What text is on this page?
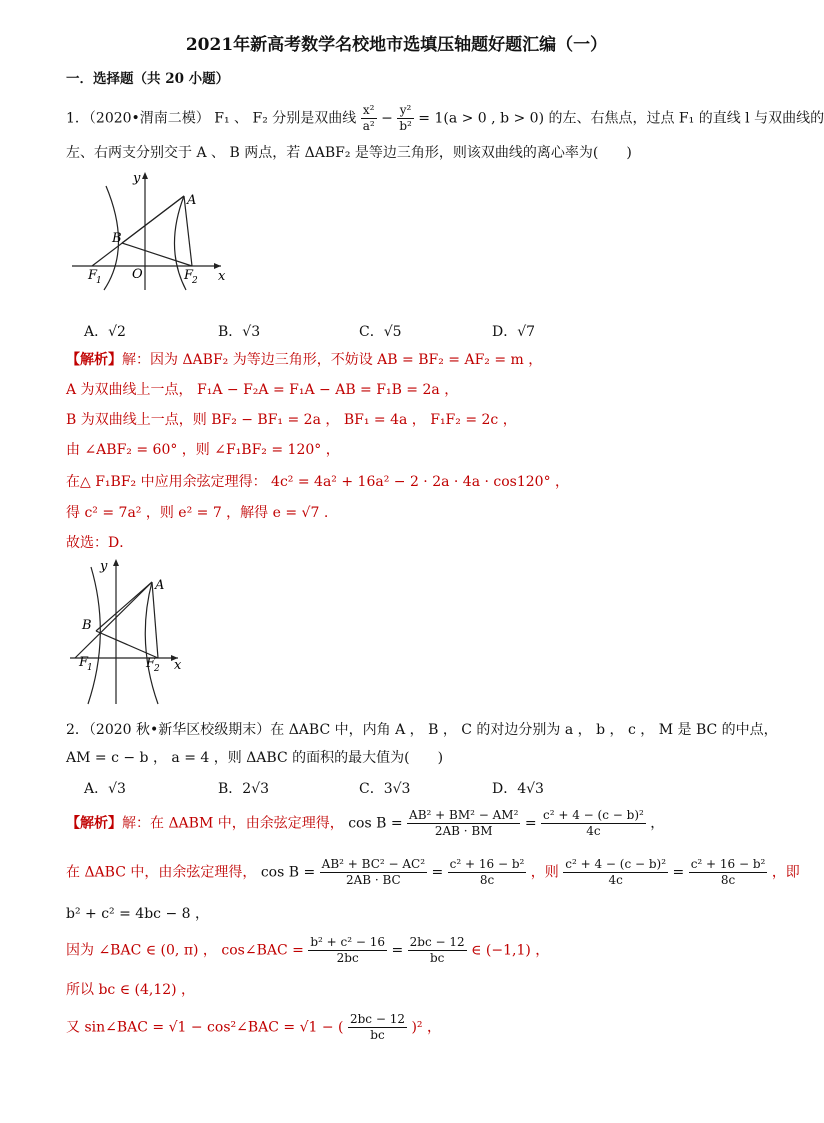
2021年新高考数学名校地市选填压轴题好题汇编（一）
一．选择题（共 20 小题）
1．（2020•渭南二模） F₁ 、 F₂ 分别是双曲线 $\frac{\text{x²}}{\text{a²}} - \frac{\text{y²}}{\text{b²}} = 1(a > 0$ , b > 0) 的左、右焦点，过点 F₁ 的直线 l 与双曲线的
左、右两支分别交于 A 、 B 两点，若 ΔABF₂ 是等边三角形，则该双曲线的离心率为(　　)
y
x
A
B
O
F
1	F
2
A．√2	B．√3	C．√5	D．√7
【解析】解：因为 ΔABF₂ 为等边三角形，不妨设 AB = BF₂ = AF₂ = m ，
A 为双曲线上一点， F₁A − F₂A = F₁A − AB = F₁B = 2a ，
B 为双曲线上一点，则 BF₂ − BF₁ = 2a ， BF₁ = 4a ， F₁F₂ = 2c ，
由 ∠ABF₂ = 60° ，则 ∠F₁BF₂ = 120° ，
在△ F₁BF₂ 中应用余弦定理得： 4c² = 4a² + 16a² − 2 · 2a · 4a · cos120° ，
得 c² = 7a² ，则 e² = 7 ，解得 e = √7 .
故选：D．
y
x
A
B
F
1	F
2
2．（2020 秋•新华区校级期末）在 ΔABC 中，内角 A ， B ， C 的对边分别为 a ， b ， c ， M 是 BC 的中点，
AM = c − b ， a = 4 ，则 ΔABC 的面积的最大值为(　　)
A．√3	B．2√3	C．3√3	D．4√3
【解析】解：在 ΔABM 中，由余弦定理得， $\cos B = \frac{\text{AB² + BM² − AM²}}{2AB \cdot BM} = \frac{\text{c² + 4 − (c − b)²}}{4c}$ ，
在 ΔABC 中，由余弦定理得， $\cos B = \frac{\text{AB² + BC² − AC²}}{2AB \cdot BC} = \frac{\text{c² + 16 − b²}}{8c}$ ，则 $\frac{\text{c² + 4 − (c − b)²}}{4c} = \frac{\text{c² + 16 − b²}}{8c}$ ，即
b² + c² = 4bc − 8 ，
因为 ∠BAC ∈ (0, π) ， cos∠BAC = $\frac{\text{b² + c² − 16}}{2bc} = \frac{2bc - 12}{bc}$ ∈ (−1,1) ，
所以 bc ∈ (4,12) ，
又 sin∠BAC = √1 − cos²∠BAC = √1 − ( $\frac{2bc - 12}{bc} )^2$ ，
